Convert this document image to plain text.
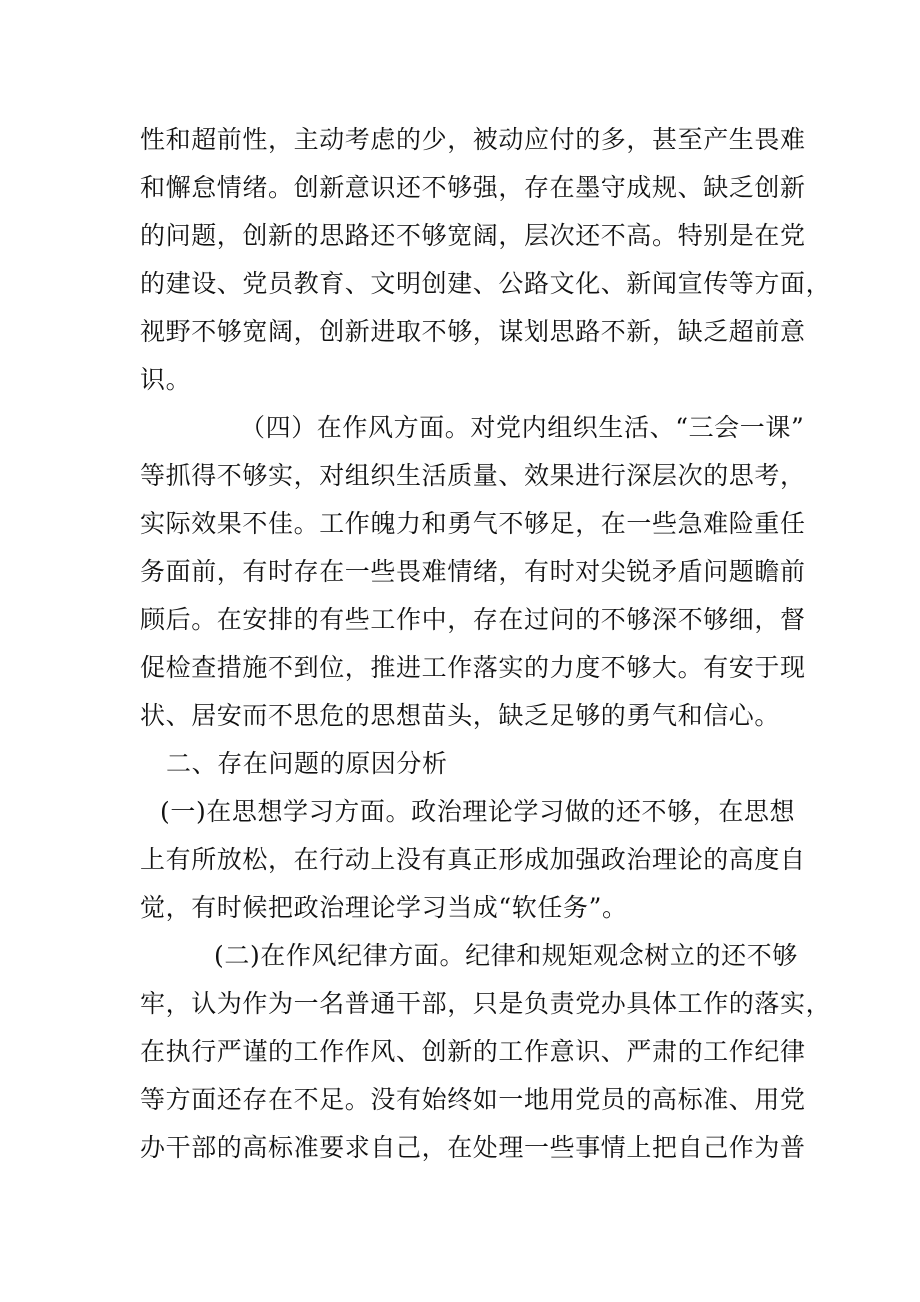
性和超前性，主动考虑的少，被动应付的多，甚至产生畏难
和懈怠情绪。创新意识还不够强，存在墨守成规、缺乏创新
的问题，创新的思路还不够宽阔，层次还不高。特别是在党
的建设、党员教育、文明创建、公路文化、新闻宣传等方面，
视野不够宽阔，创新进取不够，谋划思路不新，缺乏超前意
识。
（四）在作风方面。对党内组织生活、“三会一课”
等抓得不够实，对组织生活质量、效果进行深层次的思考，
实际效果不佳。工作魄力和勇气不够足，在一些急难险重任
务面前，有时存在一些畏难情绪，有时对尖锐矛盾问题瞻前
顾后。在安排的有些工作中，存在过问的不够深不够细，督
促检查措施不到位，推进工作落实的力度不够大。有安于现
状、居安而不思危的思想苗头，缺乏足够的勇气和信心。
二、存在问题的原因分析
(一)在思想学习方面。政治理论学习做的还不够，在思想
上有所放松，在行动上没有真正形成加强政治理论的高度自
觉，有时候把政治理论学习当成“软任务”。
(二)在作风纪律方面。纪律和规矩观念树立的还不够
牢，认为作为一名普通干部，只是负责党办具体工作的落实，
在执行严谨的工作作风、创新的工作意识、严肃的工作纪律
等方面还存在不足。没有始终如一地用党员的高标准、用党
办干部的高标准要求自己，在处理一些事情上把自己作为普
